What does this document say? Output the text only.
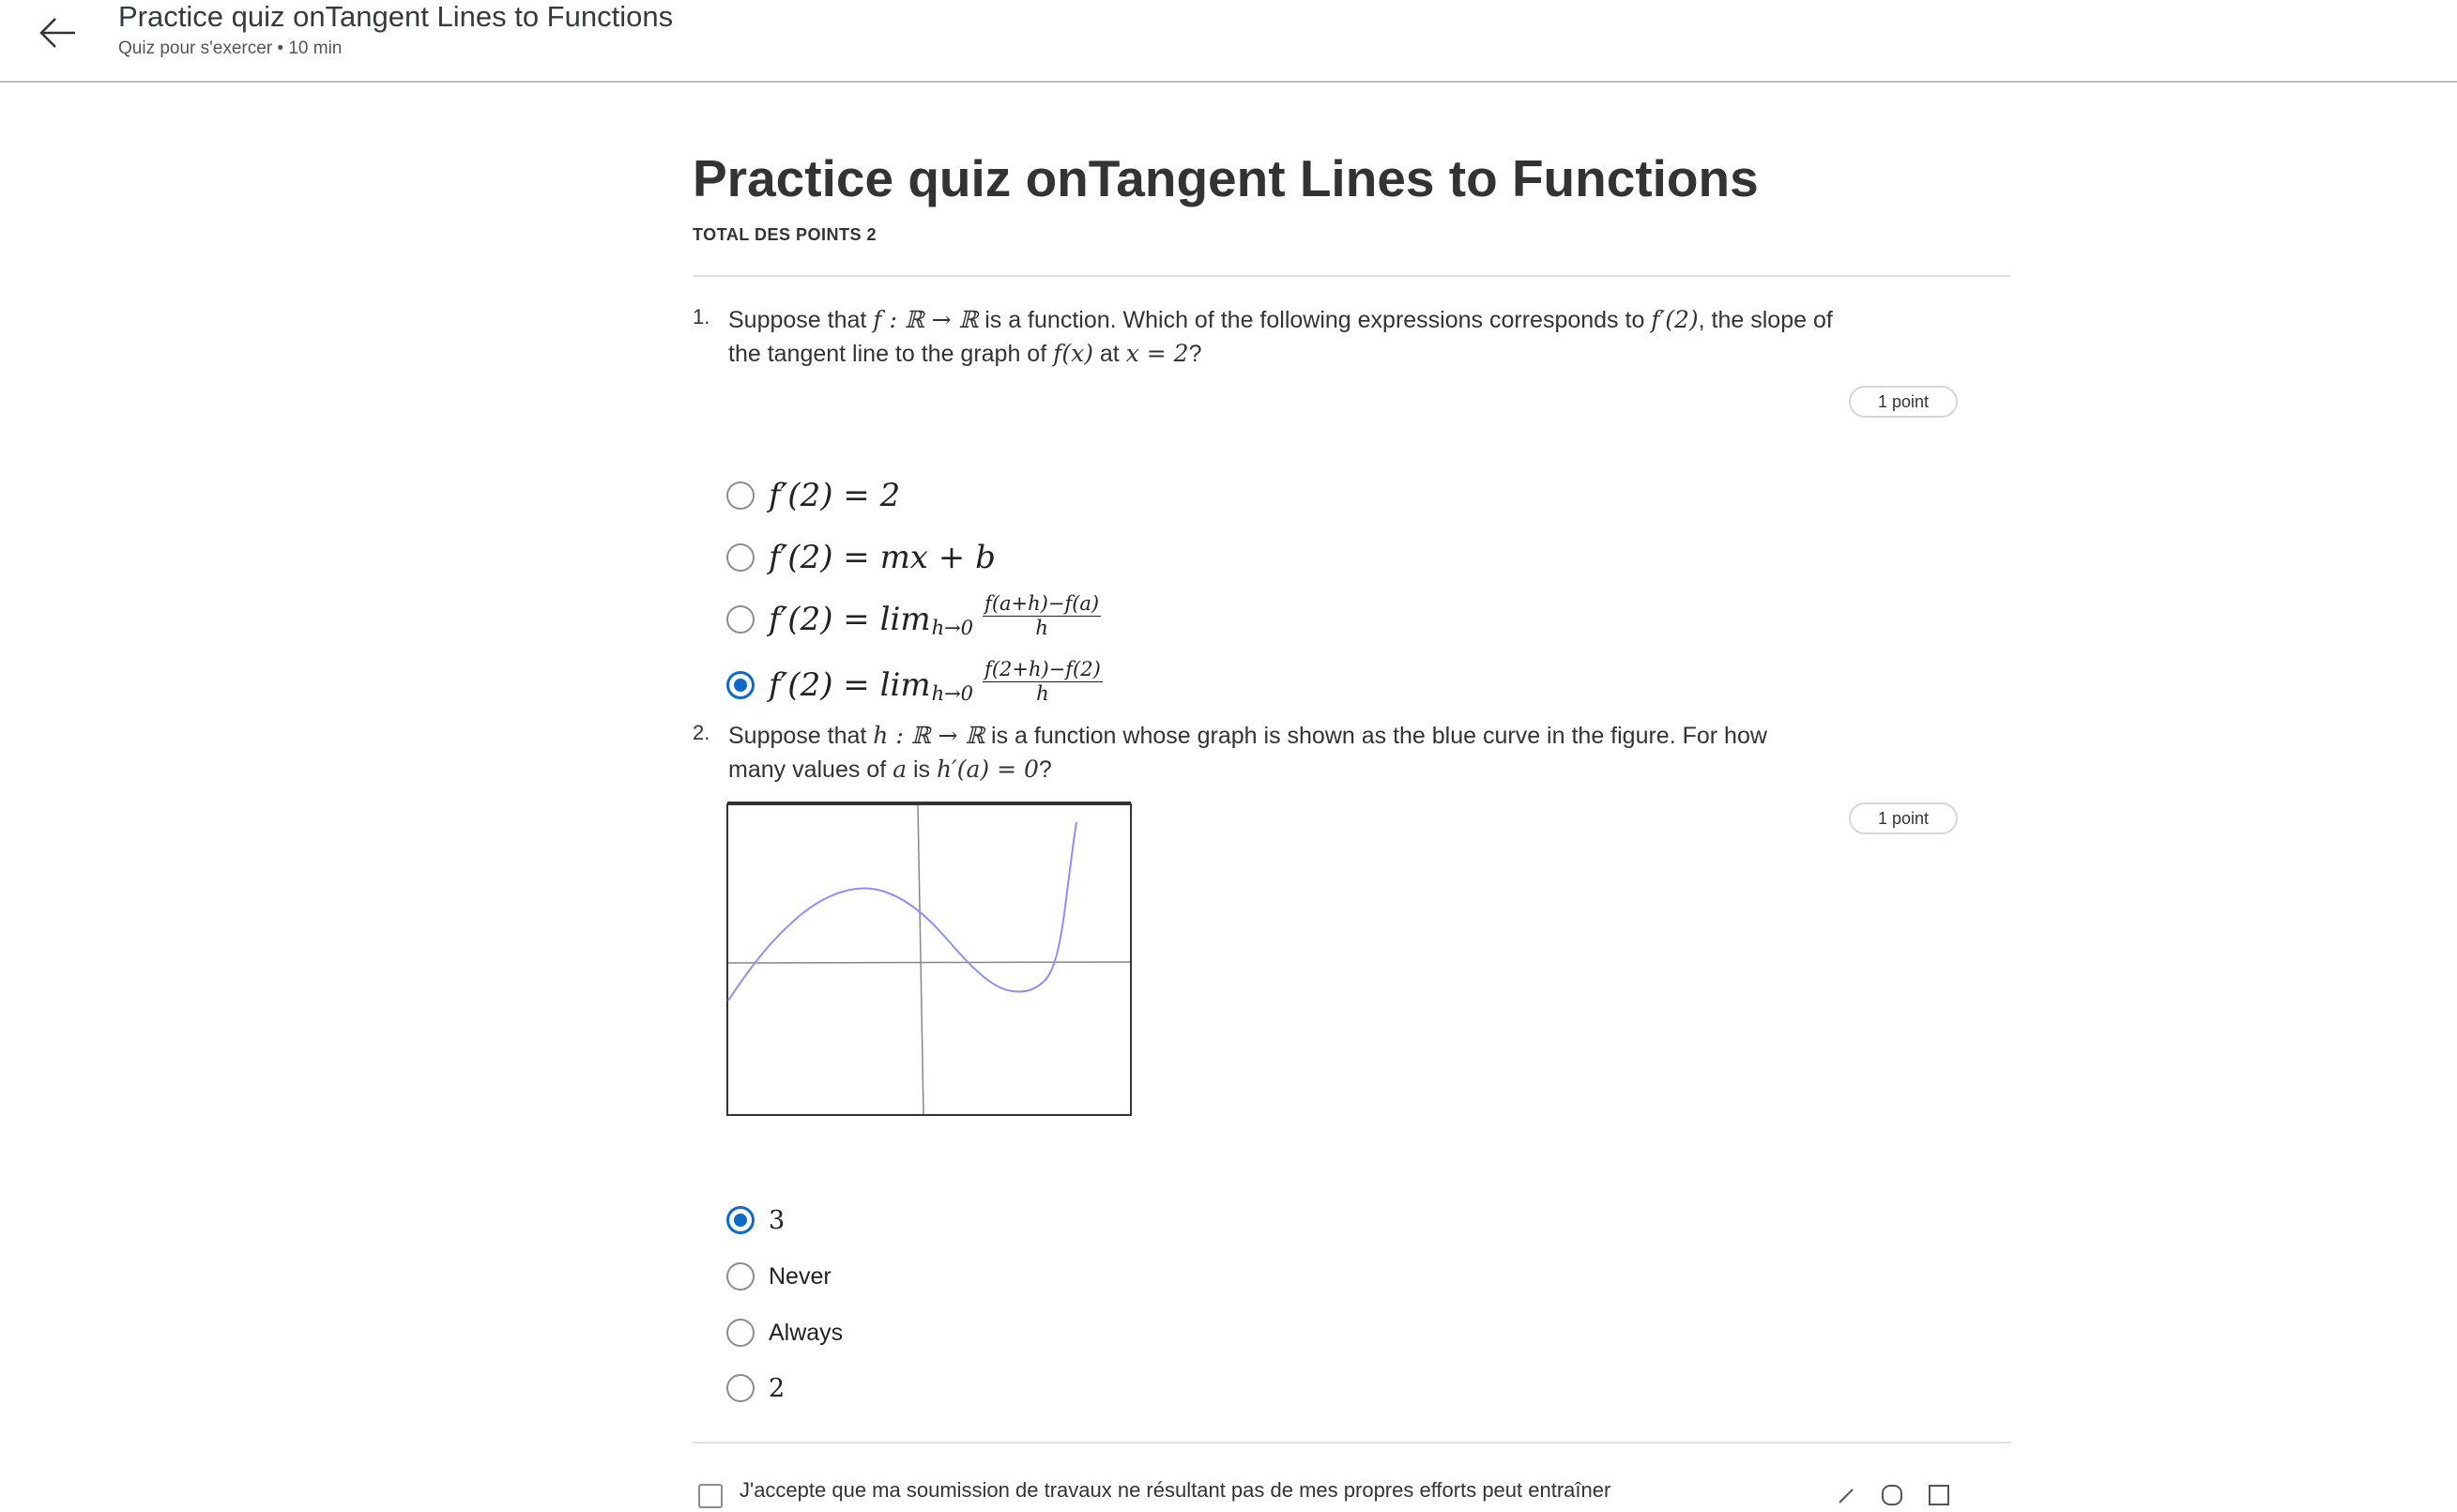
Practice quiz onTangent Lines to Functions
Quiz pour s'exercer • 10 min
Practice quiz onTangent Lines to Functions
TOTAL DES POINTS 2
1. Suppose that f : ℝ → ℝ is a function. Which of the following expressions corresponds to f′(2), the slope of the tangent line to the graph of f(x) at x = 2?
1 point
f′(2) = 2
f′(2) = mx + b
$f'(2) = \lim h\to 0 \frac{f(a+h)-f(a)}{h}$
$f'(2) = \lim h\to 0 \frac{f(2+h)-f(2)}{h}$
2. Suppose that h : ℝ → ℝ is a function whose graph is shown as the blue curve in the figure. For how many values of a is h′(a) = 0?
1 point
3
Never
Always
2
J'accepte que ma soumission de travaux ne résultant pas de mes propres efforts peut entraîner
